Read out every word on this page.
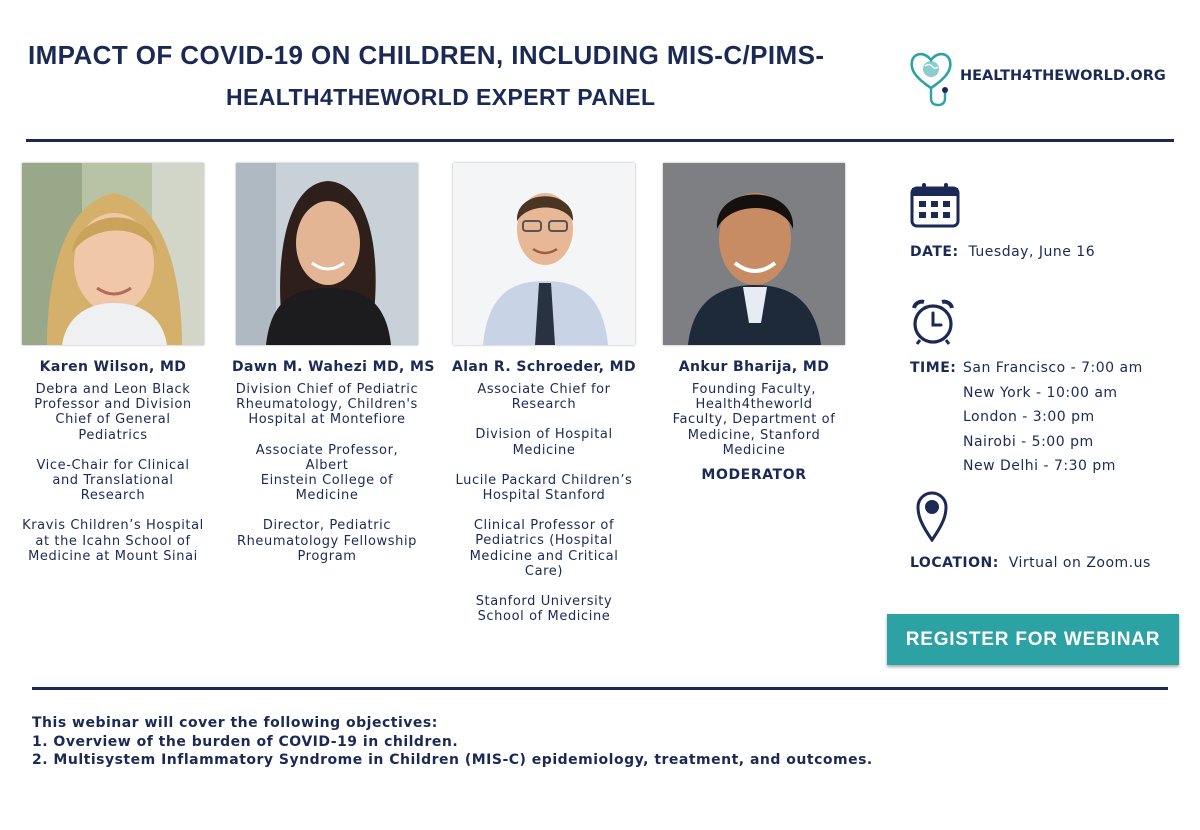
IMPACT OF COVID-19 ON CHILDREN, INCLUDING MIS-C/PIMS-
HEALTH4THEWORLD EXPERT PANEL
HEALTH4THEWORLD.ORG
Karen Wilson, MD
Debra and Leon Black
Professor and Division
Chief of General
Pediatrics
Vice-Chair for Clinical
and Translational
Research
Kravis Children’s Hospital
at the Icahn School of
Medicine at Mount Sinai
Dawn M. Wahezi MD, MS
Division Chief of Pediatric
Rheumatology, Children's
Hospital at Montefiore
Associate Professor, Albert
Einstein College of
Medicine
Director, Pediatric
Rheumatology Fellowship
Program
Alan R. Schroeder, MD
Associate Chief for
Research
Division of Hospital
Medicine
Lucile Packard Children’s
Hospital Stanford
Clinical Professor of
Pediatrics (Hospital
Medicine and Critical
Care)
Stanford University
School of Medicine
Ankur Bharija, MD
Founding Faculty,
Health4theworld
Faculty, Department of
Medicine, Stanford
Medicine
MODERATOR
DATE: Tuesday, June 16
TIME: San Francisco - 7:00 am
New York - 10:00 am
London - 3:00 pm
Nairobi - 5:00 pm
New Delhi - 7:30 pm
LOCATION: Virtual on Zoom.us
REGISTER FOR WEBINAR
This webinar will cover the following objectives:
1. Overview of the burden of COVID-19 in children.
2. Multisystem Inflammatory Syndrome in Children (MIS-C) epidemiology, treatment, and outcomes.
